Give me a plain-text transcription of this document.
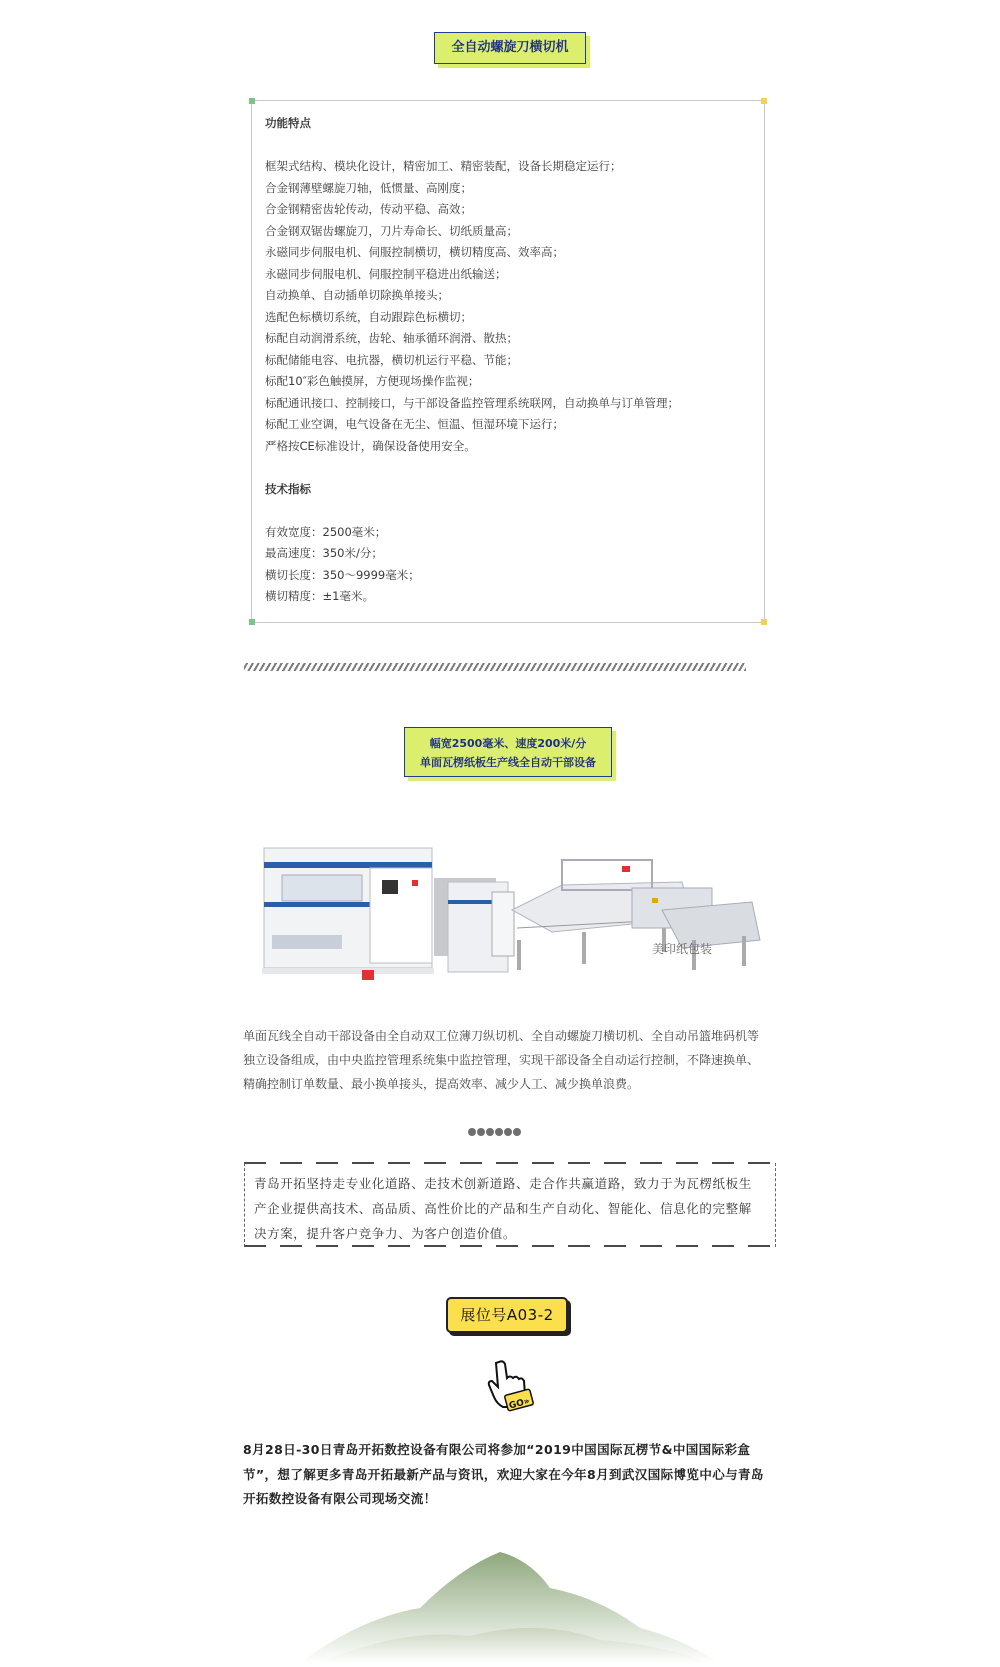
全自动螺旋刀横切机

功能特点

框架式结构、模块化设计，精密加工、精密装配，设备长期稳定运行；

合金钢薄壁螺旋刀轴，低惯量、高刚度；

合金钢精密齿轮传动，传动平稳、高效；

合金钢双锯齿螺旋刀，刀片寿命长、切纸质量高；

永磁同步伺服电机、伺服控制横切，横切精度高、效率高；

永磁同步伺服电机、伺服控制平稳进出纸输送；

自动换单、自动插单切除换单接头；

选配色标横切系统，自动跟踪色标横切；

标配自动润滑系统，齿轮、轴承循环润滑、散热；

标配储能电容、电抗器，横切机运行平稳、节能；

标配10″彩色触摸屏，方便现场操作监视；

标配通讯接口、控制接口，与干部设备监控管理系统联网，自动换单与订单管理；

标配工业空调，电气设备在无尘、恒温、恒湿环境下运行；

严格按CE标准设计，确保设备使用安全。

技术指标

有效宽度：2500毫米；

最高速度：350米/分；

横切长度：350～9999毫米；

横切精度：±1毫米。

幅宽2500毫米、速度200米/分
单面瓦楞纸板生产线全自动干部设备
美印纸包装

单面瓦线全自动干部设备由全自动双工位薄刀纵切机、全自动螺旋刀横切机、全自动吊篮堆码机等

独立设备组成，由中央监控管理系统集中监控管理，实现干部设备全自动运行控制，不降速换单、

精确控制订单数量、最小换单接头，提高效率、减少人工、减少换单浪费。

青岛开拓坚持走专业化道路、走技术创新道路、走合作共赢道路，致力于为瓦楞纸板生
产企业提供高技术、高品质、高性价比的产品和生产自动化、智能化、信息化的完整解
决方案，提升客户竞争力、为客户创造价值。

展位号A03-2
GO»

8月28日-30日青岛开拓数控设备有限公司将参加“2019中国国际瓦楞节&中国国际彩盒

节”，想了解更多青岛开拓最新产品与资讯，欢迎大家在今年8月到武汉国际博览中心与青岛

开拓数控设备有限公司现场交流！
